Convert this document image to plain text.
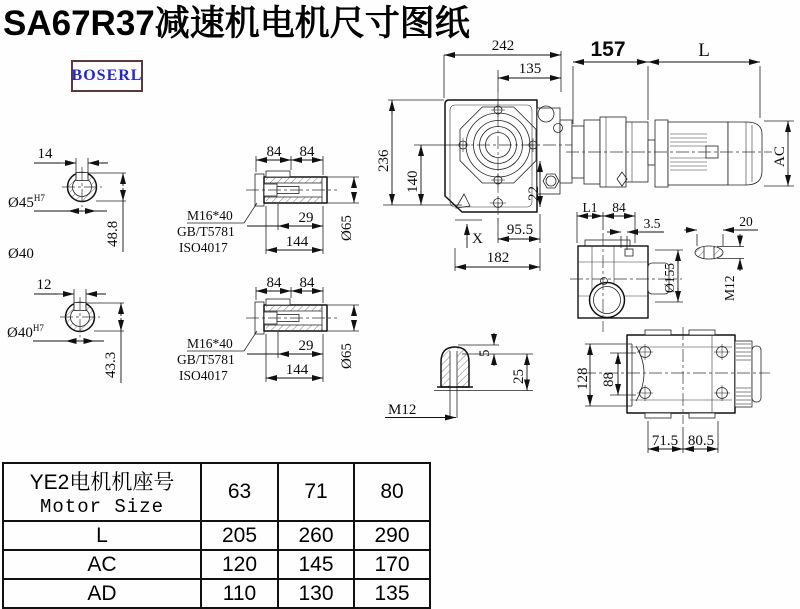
SA67R37减速机电机尺寸图纸
BOSERL
14
$Ø45^{H7}$
48.8
Ø40
12
$Ø40^{H7}$
43.3
84 84
29
144
Ø65
M16*40
GB/T5781
ISO4017
84 84
29
144
Ø65
M16*40
GB/T5781
ISO4017
242
135
157	L
236
140
22
X
95.5
182
AC
L1 84
3.5
Ø155
20
M12
5
25
M12
128 88
71.5 80.5
YE2电机机座号
Motor Size	63	71	80
L	205	260	290
AC	120	145	170
AD	110	130	135
